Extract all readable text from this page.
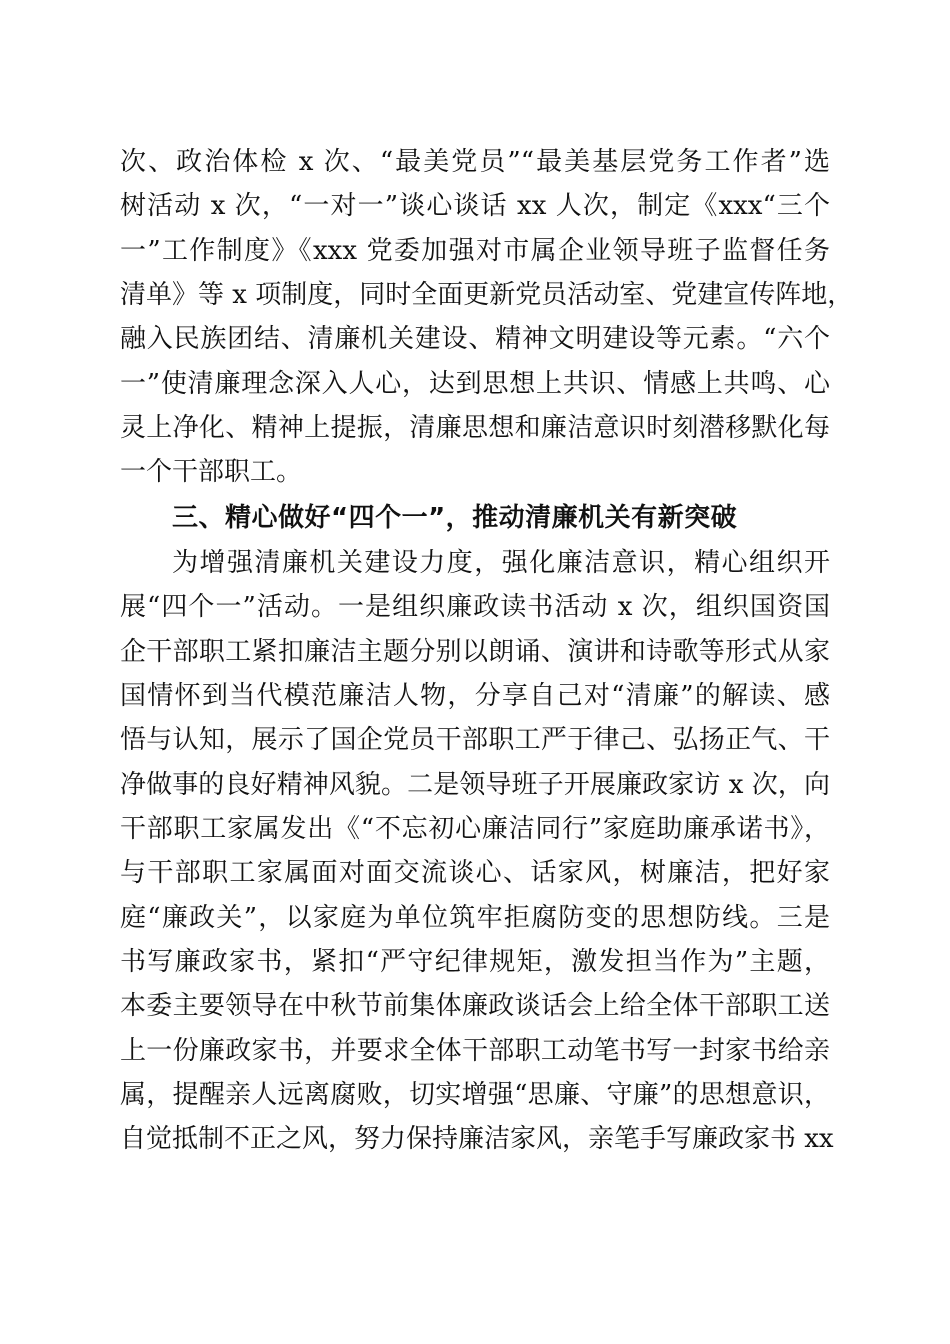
次、政治体检 x 次、“最美党员”“最美基层党务工作者”选
树活动 x 次，“一对一”谈心谈话 xx 人次，制定《xxx“三个
一”工作制度》《xxx 党委加强对市属企业领导班子监督任务
清单》等 x 项制度，同时全面更新党员活动室、党建宣传阵地，
融入民族团结、清廉机关建设、精神文明建设等元素。“六个
一”使清廉理念深入人心，达到思想上共识、情感上共鸣、心
灵上净化、精神上提振，清廉思想和廉洁意识时刻潜移默化每
一个干部职工。
三、精心做好“四个一”，推动清廉机关有新突破
为增强清廉机关建设力度，强化廉洁意识，精心组织开
展“四个一”活动。一是组织廉政读书活动 x 次，组织国资国
企干部职工紧扣廉洁主题分别以朗诵、演讲和诗歌等形式从家
国情怀到当代模范廉洁人物，分享自己对“清廉”的解读、感
悟与认知，展示了国企党员干部职工严于律己、弘扬正气、干
净做事的良好精神风貌。二是领导班子开展廉政家访 x 次，向
干部职工家属发出《“不忘初心廉洁同行”家庭助廉承诺书》，
与干部职工家属面对面交流谈心、话家风，树廉洁，把好家
庭“廉政关”，以家庭为单位筑牢拒腐防变的思想防线。三是
书写廉政家书，紧扣“严守纪律规矩，激发担当作为”主题，
本委主要领导在中秋节前集体廉政谈话会上给全体干部职工送
上一份廉政家书，并要求全体干部职工动笔书写一封家书给亲
属，提醒亲人远离腐败，切实增强“思廉、守廉”的思想意识，
自觉抵制不正之风，努力保持廉洁家风，亲笔手写廉政家书 xx
